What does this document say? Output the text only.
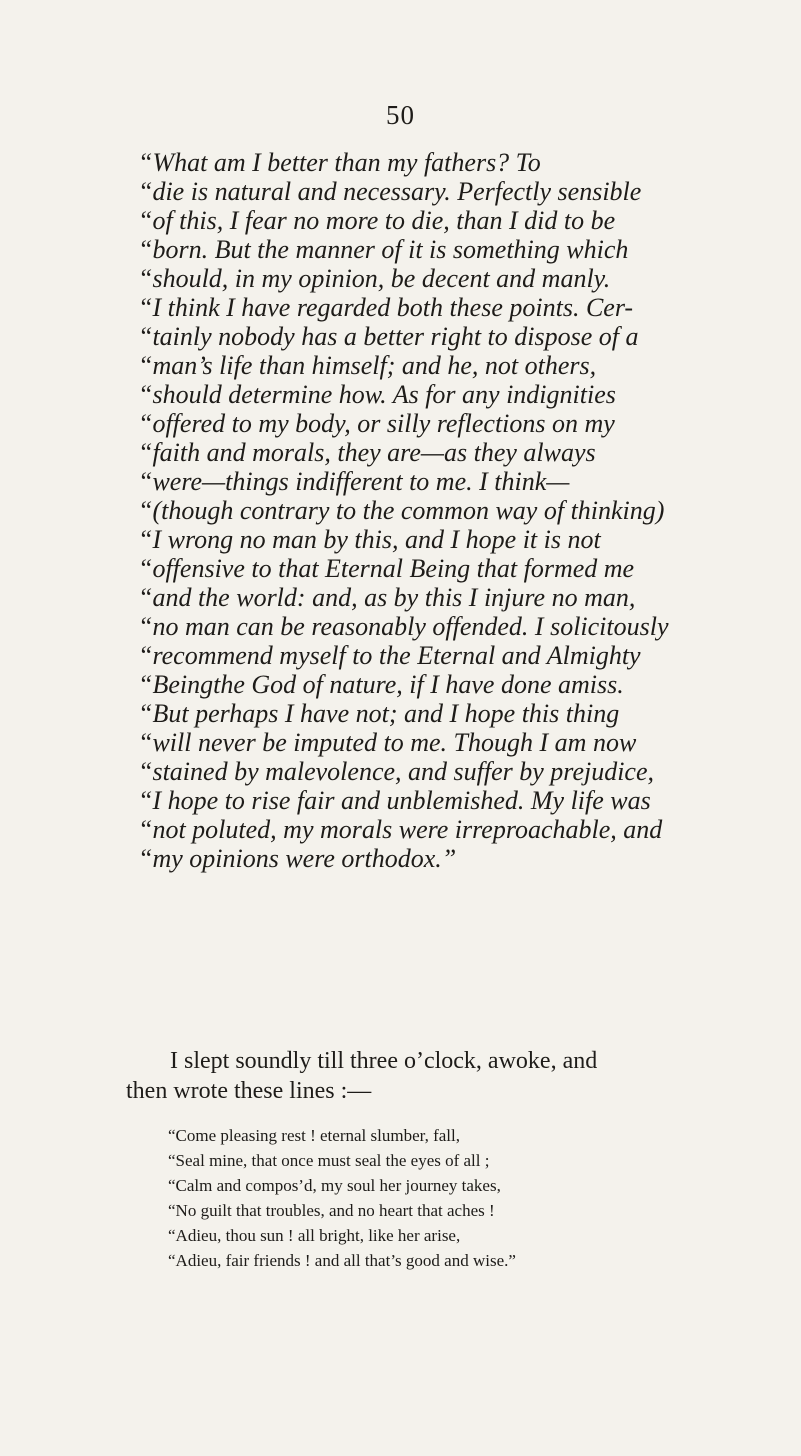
50
“What am I better than my fathers? To
“die is natural and necessary. Perfectly sensible
“of this, I fear no more to die, than I did to be
“born. But the manner of it is something which
“should, in my opinion, be decent and manly.
“I think I have regarded both these points. Cer-
“tainly nobody has a better right to dispose of a
“man’s life than himself; and he, not others,
“should determine how. As for any indignities
“offered to my body, or silly reflections on my
“faith and morals, they are—as they always
“were—things indifferent to me. I think—
“(though contrary to the common way of thinking)
“I wrong no man by this, and I hope it is not
“offensive to that Eternal Being that formed me
“and the world: and, as by this I injure no man,
“no man can be reasonably offended. I solicitously
“recommend myself to the Eternal and Almighty
“Beingthe God of nature, if I have done amiss.
“But perhaps I have not; and I hope this thing
“will never be imputed to me. Though I am now
“stained by malevolence, and suffer by prejudice,
“I hope to rise fair and unblemished. My life was
“not poluted, my morals were irreproachable, and
“my opinions were orthodox.”
I slept soundly till three o’clock, awoke, and
then wrote these lines :—
“Come pleasing rest ! eternal slumber, fall,
“Seal mine, that once must seal the eyes of all ;
“Calm and compos’d, my soul her journey takes,
“No guilt that troubles, and no heart that aches !
“Adieu, thou sun ! all bright, like her arise,
“Adieu, fair friends ! and all that’s good and wise.”
